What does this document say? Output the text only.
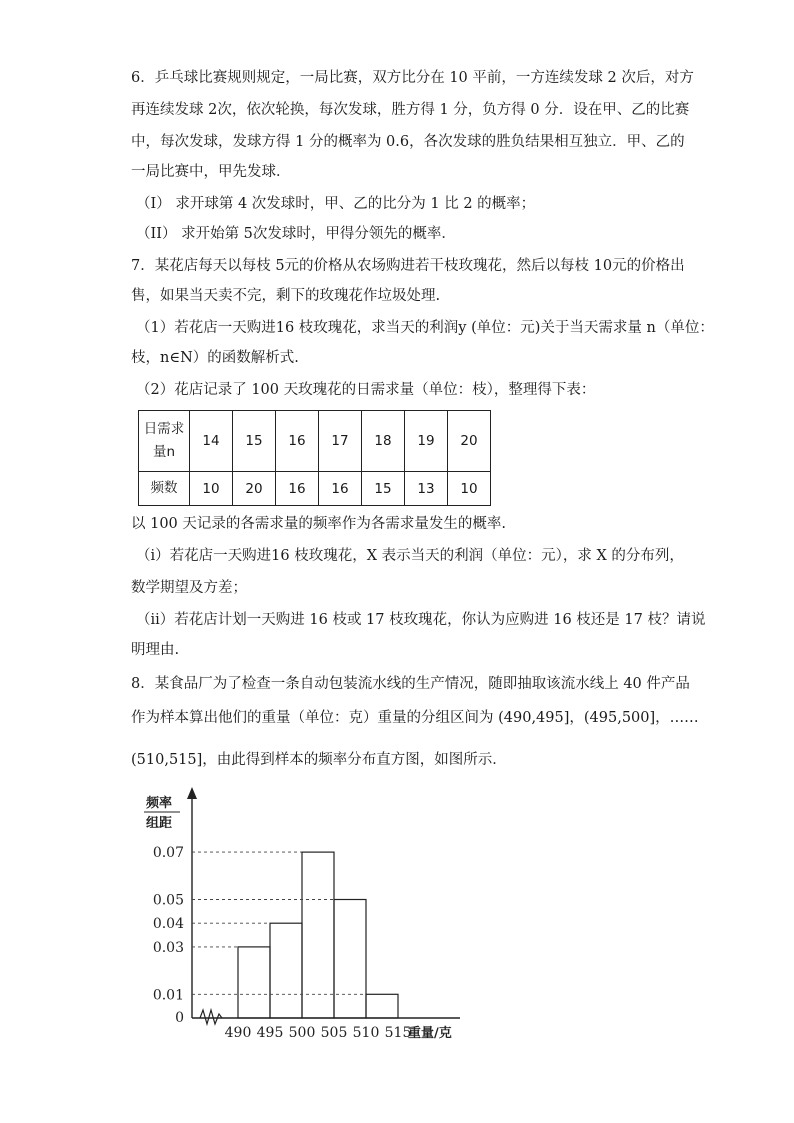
6．乒乓球比赛规则规定，一局比赛，双方比分在 10 平前，一方连续发球 2 次后，对方
再连续发球 2次，依次轮换，每次发球，胜方得 1 分，负方得 0 分．设在甲、乙的比赛
中，每次发球，发球方得 1 分的概率为 0.6，各次发球的胜负结果相互独立．甲、乙的
一局比赛中，甲先发球．
（I） 求开球第 4 次发球时，甲、乙的比分为 1 比 2 的概率；
（II） 求开始第 5次发球时，甲得分领先的概率．
7．某花店每天以每枝 5元的价格从农场购进若干枝玫瑰花，然后以每枝 10元的价格出
售，如果当天卖不完，剩下的玫瑰花作垃圾处理.
（1）若花店一天购进16 枝玫瑰花，求当天的利润y (单位：元)关于当天需求量 n（单位：
枝，n∈N）的函数解析式.
（2）花店记录了 100 天玫瑰花的日需求量（单位：枝），整理得下表：
日需求量n	14	15	16	17	18	19	20
频数	10	20	16	16	15	13	10
以 100 天记录的各需求量的频率作为各需求量发生的概率.
（i）若花店一天购进16 枝玫瑰花，X 表示当天的利润（单位：元），求 X 的分布列，
数学期望及方差；
（ii）若花店计划一天购进 16 枝或 17 枝玫瑰花，你认为应购进 16 枝还是 17 枝？请说
明理由.
8．某食品厂为了检查一条自动包装流水线的生产情况，随即抽取该流水线上 40 件产品
作为样本算出他们的重量（单位：克）重量的分组区间为 (490,495]，(495,500]，……
(510,515]，由此得到样本的频率分布直方图，如图所示．
频率
组距
0
0.01
0.03
0.04
0.05
0.07
490 495 500 505 510 515
重量/克
